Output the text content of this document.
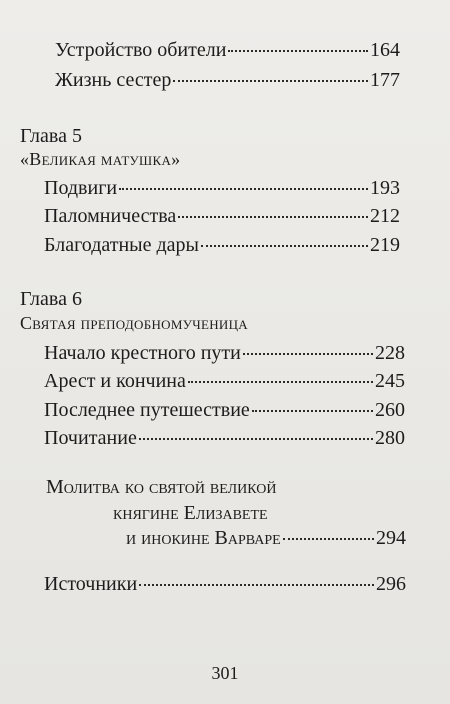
Устройство обители	164
Жизнь сестер	177
Глава 5
«Великая матушка»
Подвиги	193
Паломничества	212
Благодатные дары	219
Глава 6
Святая преподобномученица
Начало крестного пути	228
Арест и кончина	245
Последнее путешествие	260
Почитание	280
Молитва ко святой великой
княгине Елизавете
и инокине Варваре	294
Источники	296
301
